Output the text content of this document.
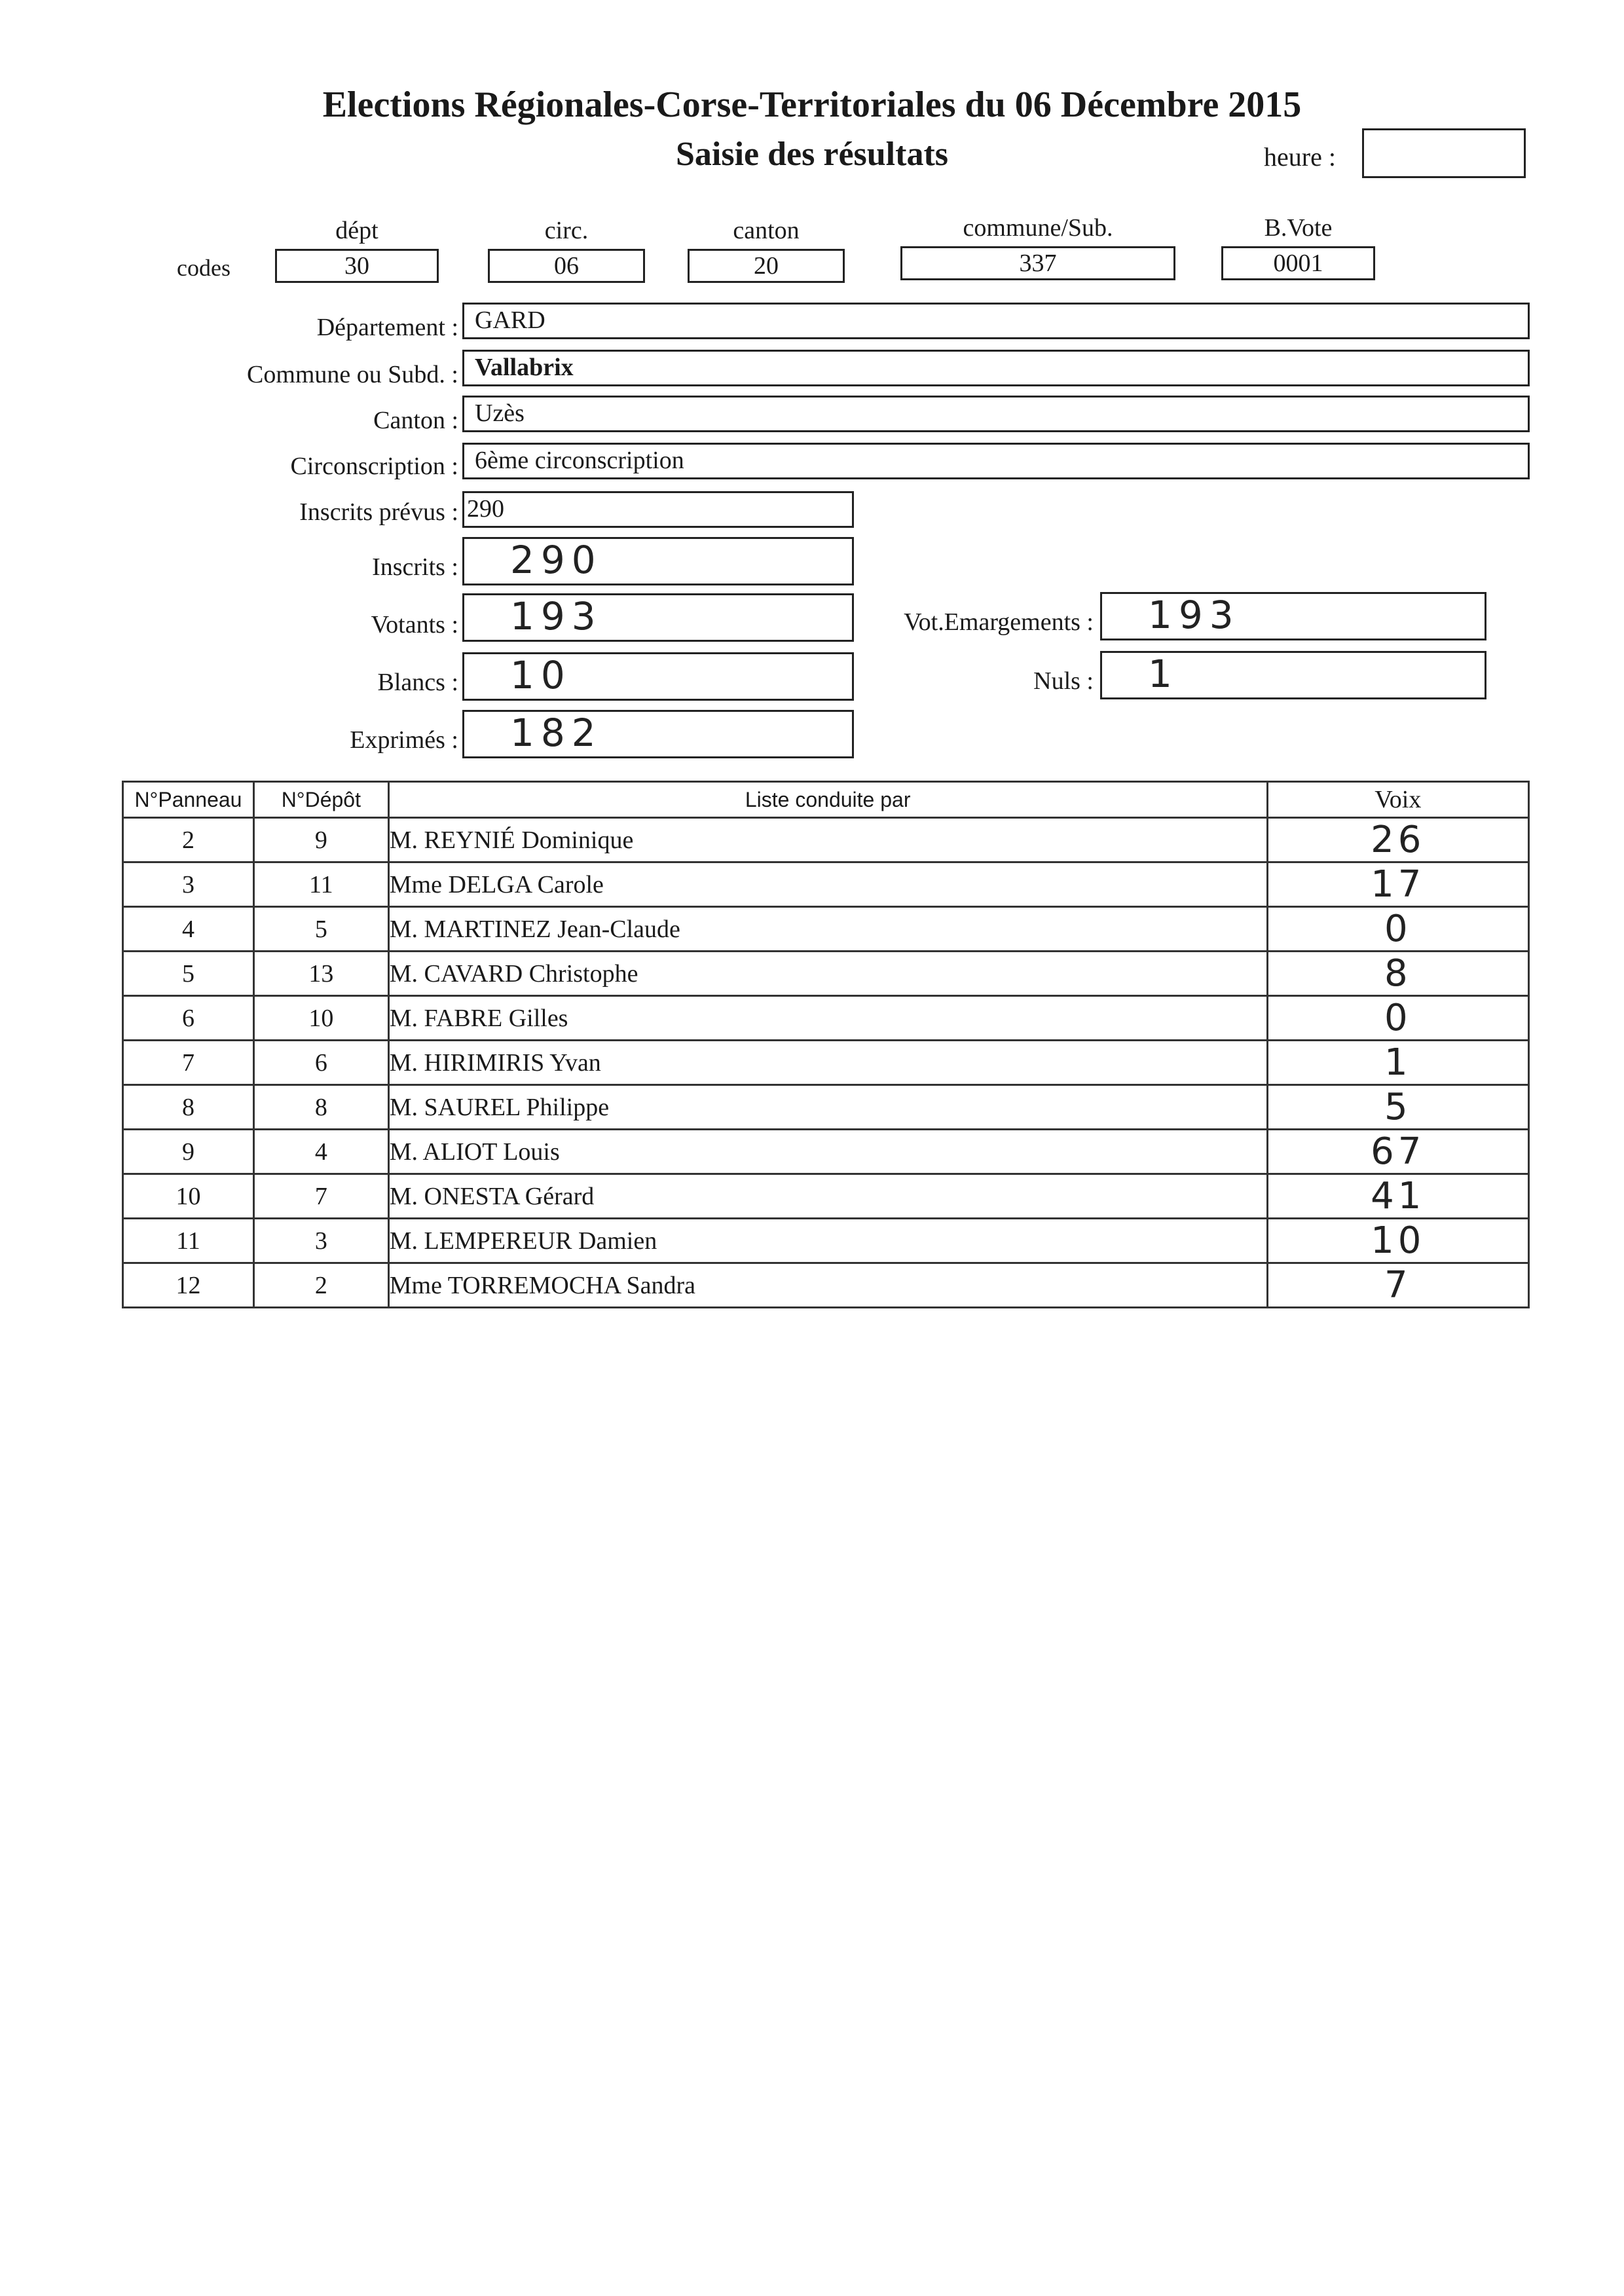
Elections Régionales-Corse-Territoriales du 06 Décembre 2015
Saisie des résultats	heure :
codes
dépt
30
circ.
06
canton
20
commune/Sub.
337
B.Vote
0001
Département : GARD
Commune ou Subd. : Vallabrix
Canton : Uzès
Circonscription : 6ème circonscription
Inscrits prévus : 290
Inscrits :	290
Votants :	193
Blancs :	10
Exprimés :	182
Vot.Emargements :	193
Nuls :	1
N°Panneau	N°Dépôt	Liste conduite par	Voix
2	9	M. REYNIÉ Dominique	26
3	11	Mme DELGA Carole	17
4	5	M. MARTINEZ Jean-Claude	0
5	13	M. CAVARD Christophe	8
6	10	M. FABRE Gilles	0
7	6	M. HIRIMIRIS Yvan	1
8	8	M. SAUREL Philippe	5
9	4	M. ALIOT Louis	67
10	7	M. ONESTA Gérard	41
11	3	M. LEMPEREUR Damien	10
12	2	Mme TORREMOCHA Sandra	7
